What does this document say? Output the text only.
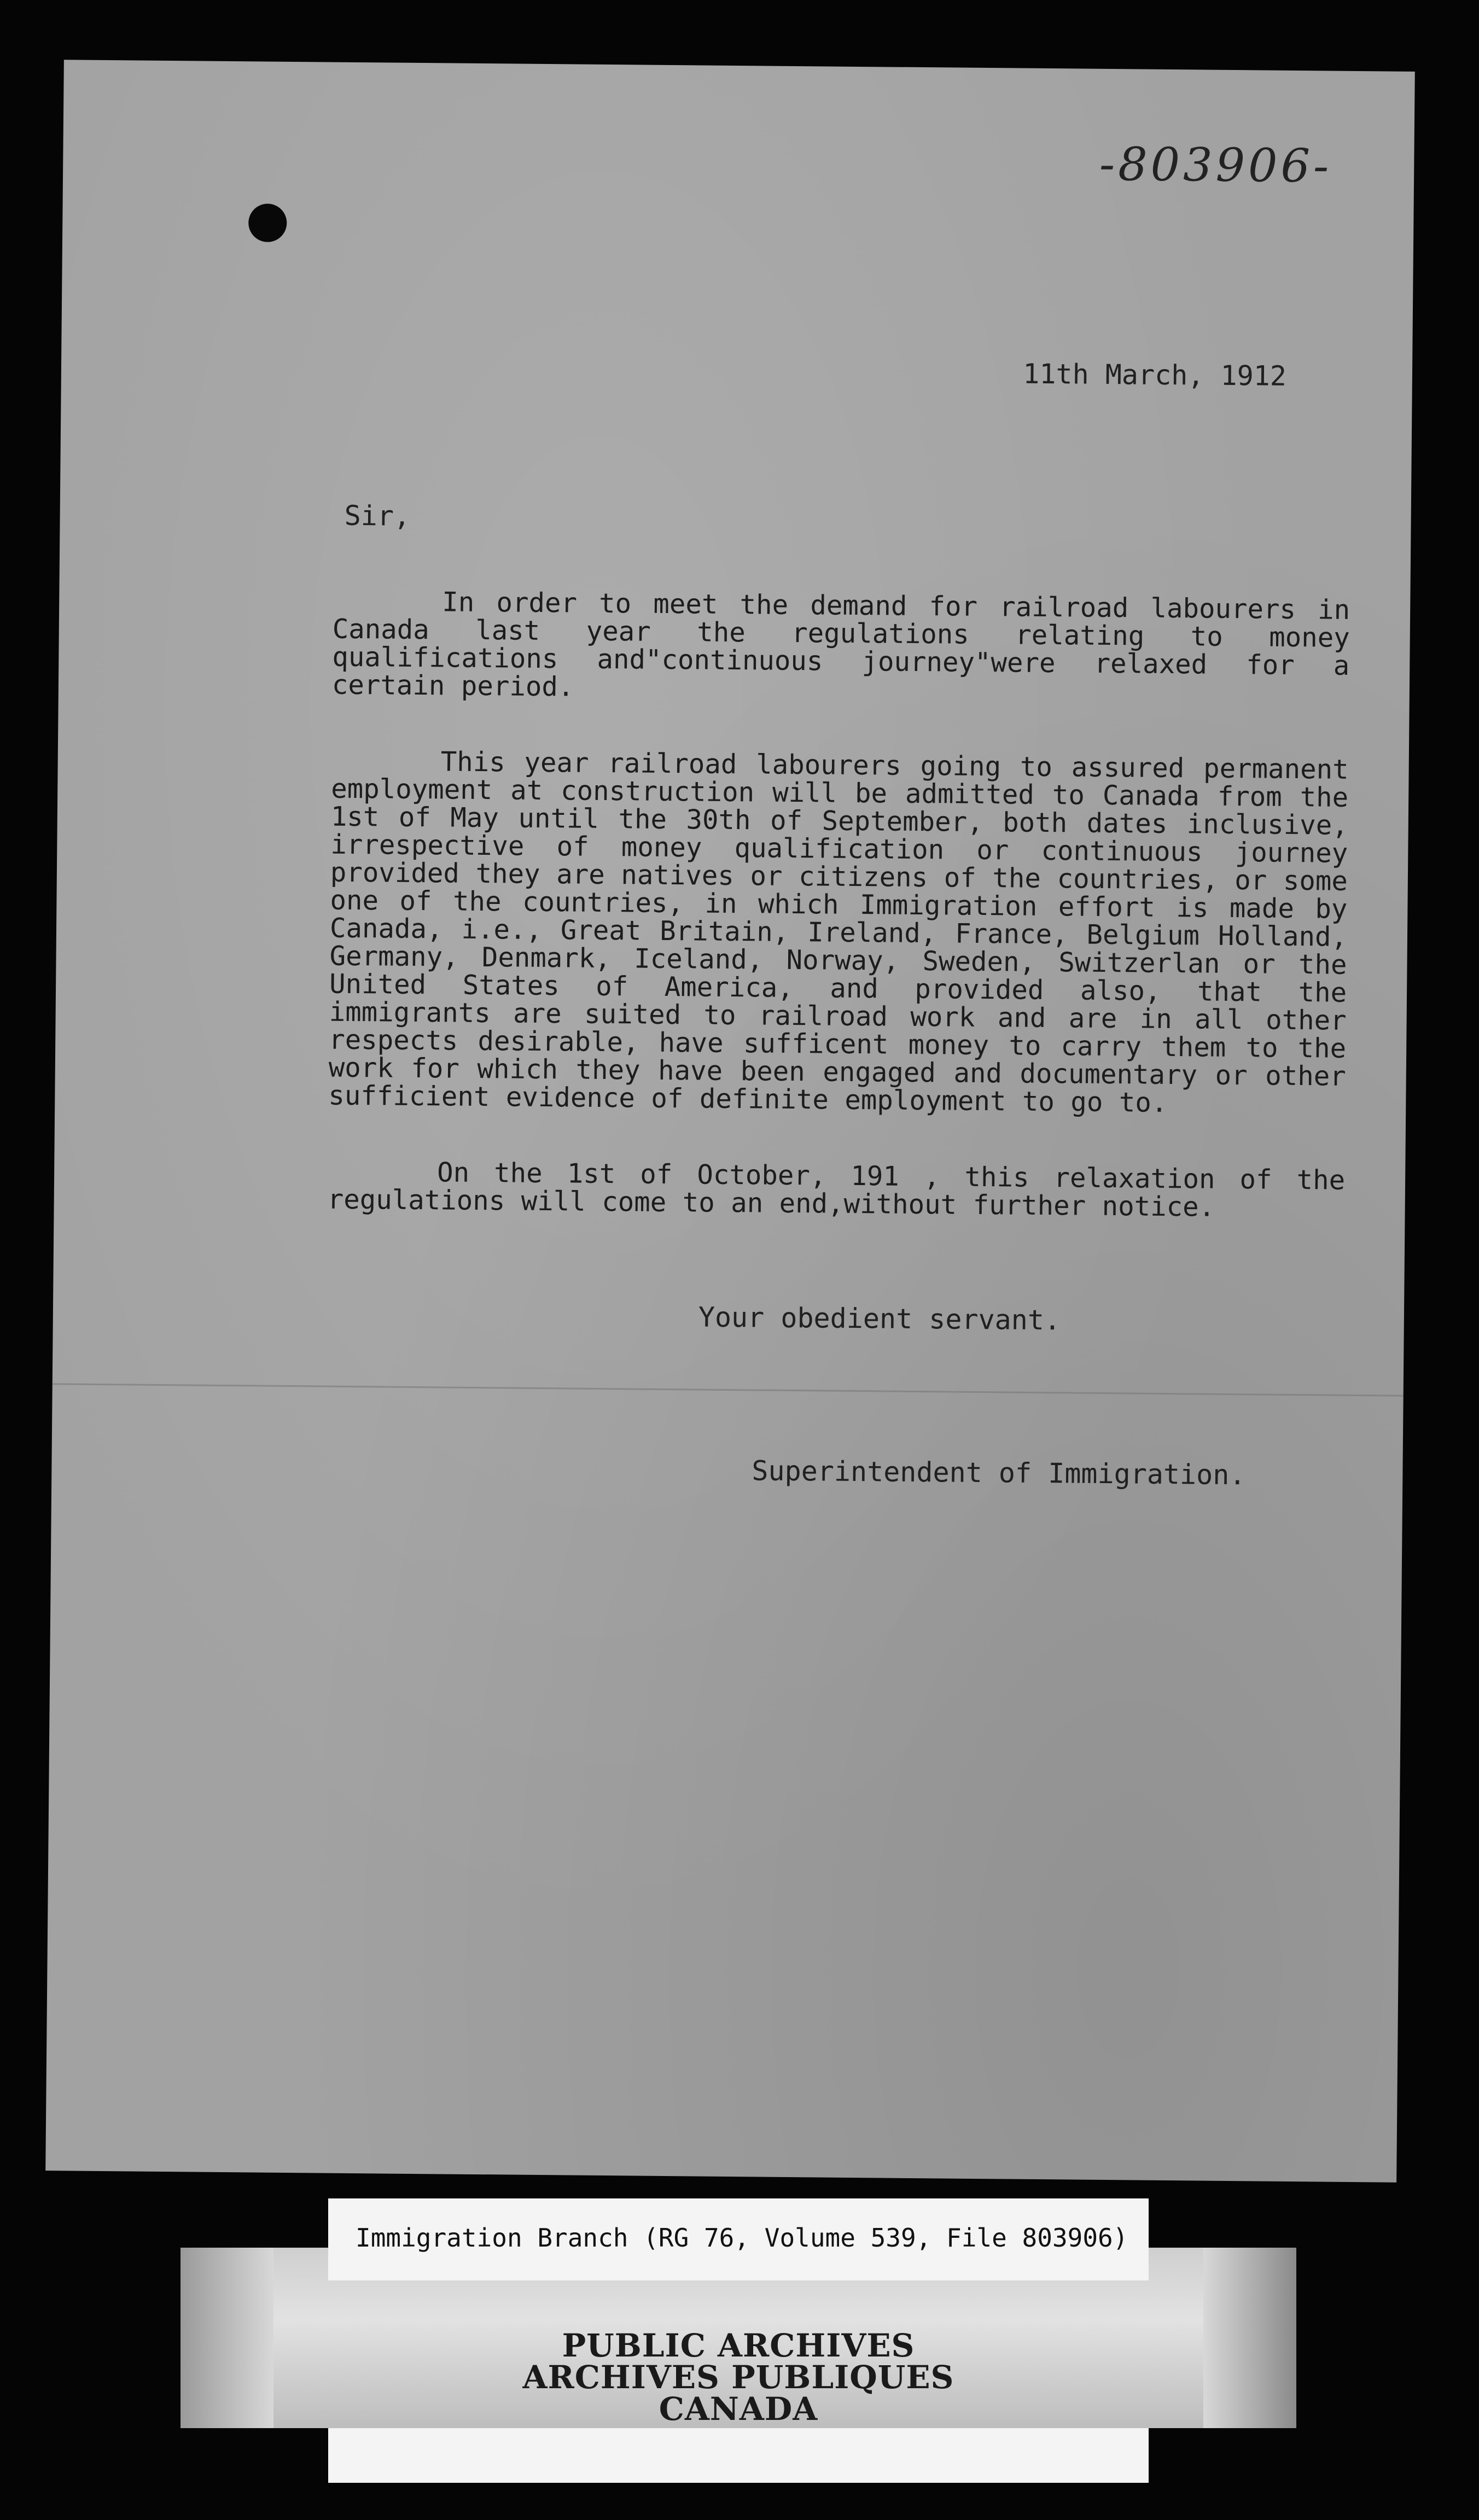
-803906-
11th March, 1912
Sir,

In order to meet the demand for railroad labourers in Canada last year the regulations relating to money qualifications and"continuous journey"were relaxed for a certain period.

This year railroad labourers going to assured permanent employment at construction will be admitted to Canada from the 1st of May until the 30th of September, both dates inclusive, irrespective of money qualification or continuous journey provided they are natives or citizens of the countries, or some one of the countries, in which Immigration effort is made by Canada, i.e., Great Britain, Ireland, France, Belgium Holland, Germany, Denmark, Iceland, Norway, Sweden, Switzerlan or the United States of America, and provided also, that the immigrants are suited to railroad work and are in all other respects desirable, have sufficent money to carry them to the work for which they have been engaged and documentary or other sufficient evidence of definite employment to go to.

On the 1st of October, 191 , this relaxation of the regulations will come to an end,without further notice.

Your obedient servant.
Superintendent of Immigration.
PUBLIC ARCHIVES
ARCHIVES PUBLIQUES
CANADA
Immigration Branch (RG 76, Volume 539, File 803906)
